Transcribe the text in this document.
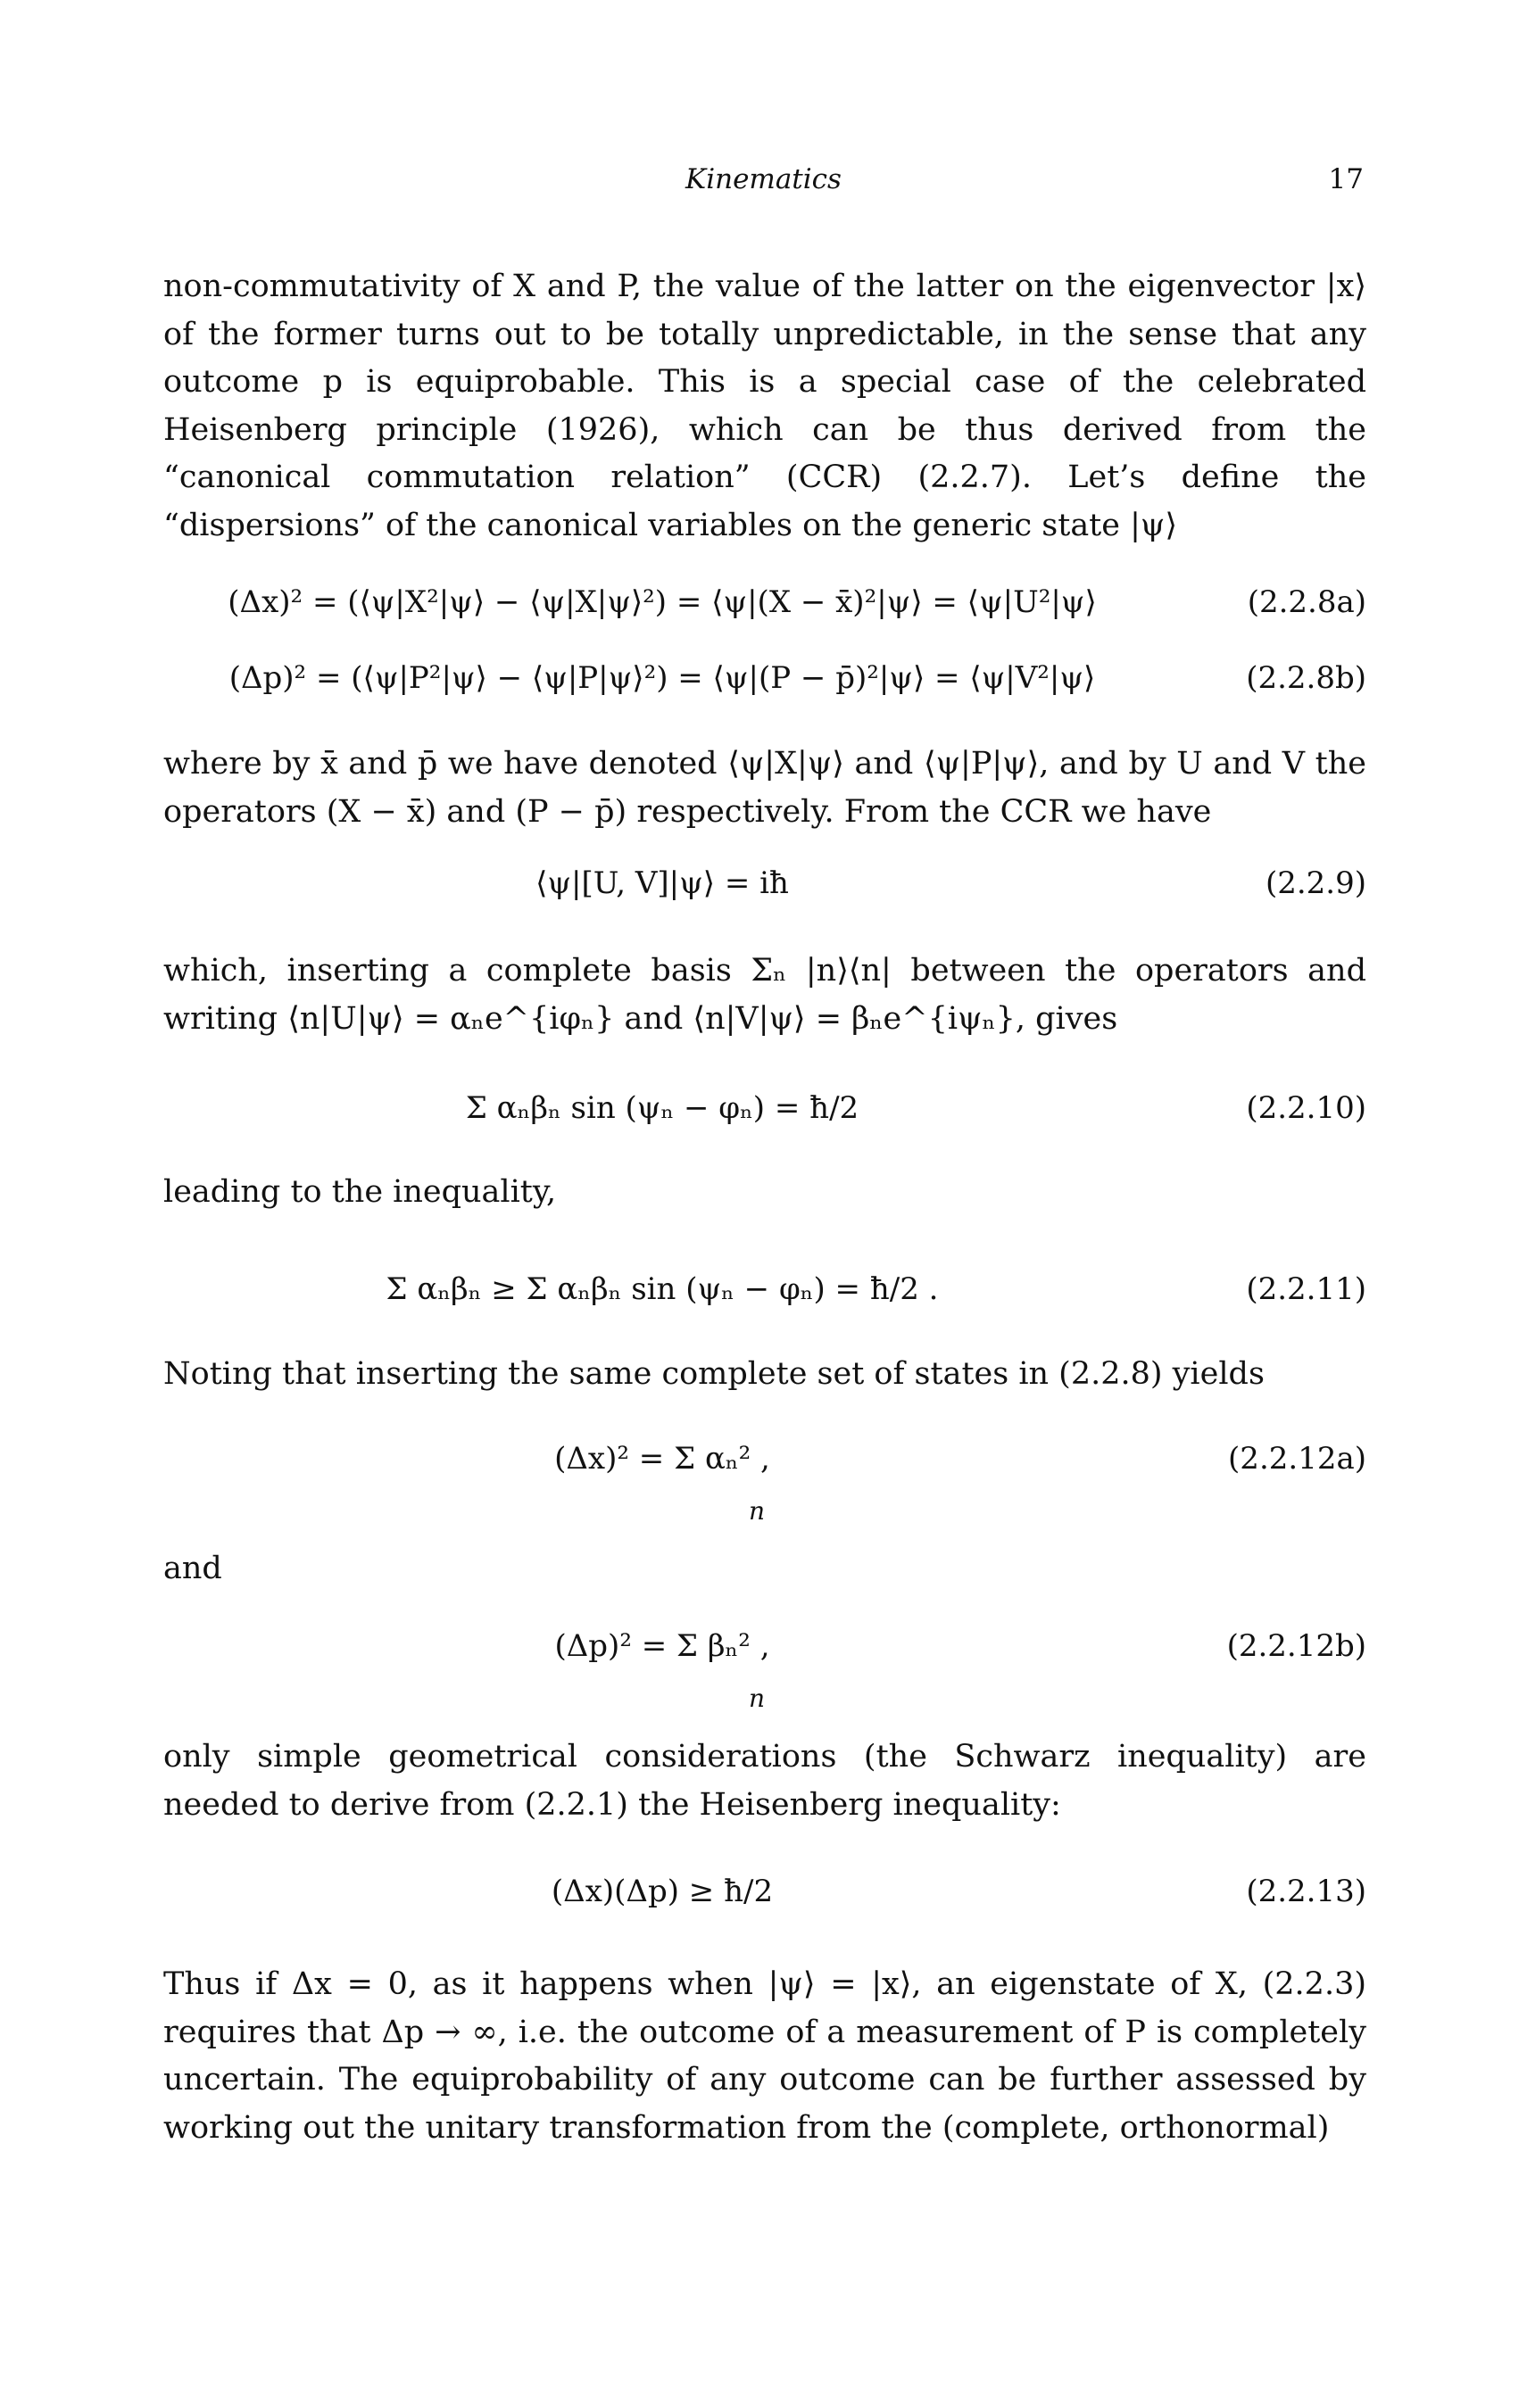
Kinematics	17

non-commutativity of X and P, the value of the latter on the eigenvector |x⟩ of the former turns out to be totally unpredictable, in the sense that any outcome p is equiprobable. This is a special case of the celebrated Heisenberg principle (1926), which can be thus derived from the “canonical commutation relation” (CCR) (2.2.7). Let’s define the “dispersions” of the canonical variables on the generic state |ψ⟩

(Δx)² = (⟨ψ|X²|ψ⟩ − ⟨ψ|X|ψ⟩²) = ⟨ψ|(X − x̄)²|ψ⟩ = ⟨ψ|U²|ψ⟩	(2.2.8a)
(Δp)² = (⟨ψ|P²|ψ⟩ − ⟨ψ|P|ψ⟩²) = ⟨ψ|(P − p̄)²|ψ⟩ = ⟨ψ|V²|ψ⟩	(2.2.8b)

where by x̄ and p̄ we have denoted ⟨ψ|X|ψ⟩ and ⟨ψ|P|ψ⟩, and by U and V the operators (X − x̄) and (P − p̄) respectively. From the CCR we have

⟨ψ|[U, V]|ψ⟩ = iħ	(2.2.9)

which, inserting a complete basis Σₙ |n⟩⟨n| between the operators and writing ⟨n|U|ψ⟩ = αₙe^{iφₙ} and ⟨n|V|ψ⟩ = βₙe^{iψₙ}, gives

Σ αₙβₙ sin (ψₙ − φₙ) = ħ/2	(2.2.10)
leading to the inequality,
Σ αₙβₙ ≥ Σ αₙβₙ sin (ψₙ − φₙ) = ħ/2 .	(2.2.11)
Noting that inserting the same complete set of states in (2.2.8) yields
(Δx)² = Σ αₙ² ,
n
(2.2.12a)
and
(Δp)² = Σ βₙ² ,
n
(2.2.12b)

only simple geometrical considerations (the Schwarz inequality) are needed to derive from (2.2.1) the Heisenberg inequality:

(Δx)(Δp) ≥ ħ/2	(2.2.13)

Thus if Δx = 0, as it happens when |ψ⟩ = |x⟩, an eigenstate of X, (2.2.3) requires that Δp → ∞, i.e. the outcome of a measurement of P is completely uncertain. The equiprobability of any outcome can be further assessed by working out the unitary transformation from the (complete, orthonormal)
